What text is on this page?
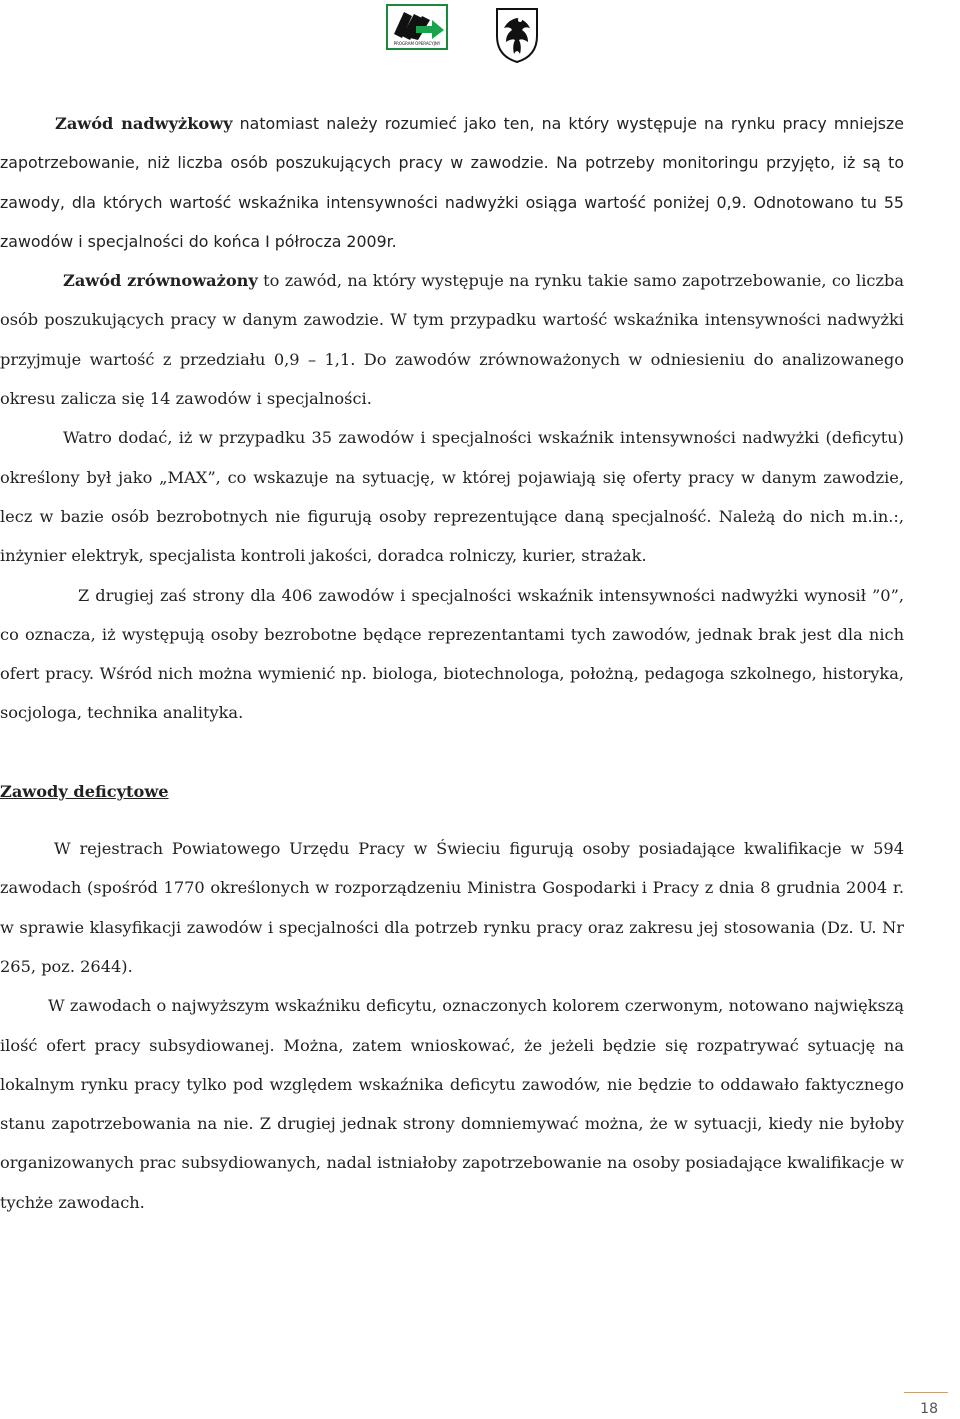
PROGRAM OPERACYJNY

Zawód nadwyżkowy natomiast należy rozumieć jako ten, na który występuje na rynku pracy mniejsze zapotrzebowanie, niż liczba osób poszukujących pracy w zawodzie. Na potrzeby monitoringu przyjęto, iż są to zawody, dla których wartość wskaźnika intensywności nadwyżki osiąga wartość poniżej 0,9. Odnotowano tu 55 zawodów i specjalności do końca I półrocza 2009r.

Zawód zrównoważony to zawód, na który występuje na rynku takie samo zapotrzebowanie, co liczba osób poszukujących pracy w danym zawodzie. W tym przypadku wartość wskaźnika intensywności nadwyżki przyjmuje wartość z przedziału 0,9 – 1,1. Do zawodów zrównoważonych w odniesieniu do analizowanego okresu zalicza się 14 zawodów i specjalności.

Watro dodać, iż w przypadku 35 zawodów i specjalności wskaźnik intensywności nadwyżki (deficytu) określony był jako „MAX”, co wskazuje na sytuację, w której pojawiają się oferty pracy w danym zawodzie, lecz w bazie osób bezrobotnych nie figurują osoby reprezentujące daną specjalność. Należą do nich m.in.:, inżynier elektryk, specjalista kontroli jakości, doradca rolniczy, kurier, strażak.

Z drugiej zaś strony dla 406 zawodów i specjalności wskaźnik intensywności nadwyżki wynosił ”0”, co oznacza, iż występują osoby bezrobotne będące reprezentantami tych zawodów, jednak brak jest dla nich ofert pracy. Wśród nich można wymienić np. biologa, biotechnologa, położną, pedagoga szkolnego, historyka, socjologa, technika analityka.

Zawody deficytowe

W rejestrach Powiatowego Urzędu Pracy w Świeciu figurują osoby posiadające kwalifikacje w 594 zawodach (spośród 1770 określonych w rozporządzeniu Ministra Gospodarki i Pracy z dnia 8 grudnia 2004 r. w sprawie klasyfikacji zawodów i specjalności dla potrzeb rynku pracy oraz zakresu jej stosowania (Dz. U. Nr 265, poz. 2644).

W zawodach o najwyższym wskaźniku deficytu, oznaczonych kolorem czerwonym, notowano największą ilość ofert pracy subsydiowanej. Można, zatem wnioskować, że jeżeli będzie się rozpatrywać sytuację na lokalnym rynku pracy tylko pod względem wskaźnika deficytu zawodów, nie będzie to oddawało faktycznego stanu zapotrzebowania na nie. Z drugiej jednak strony domniemywać można, że w sytuacji, kiedy nie byłoby organizowanych prac subsydiowanych, nadal istniałoby zapotrzebowanie na osoby posiadające kwalifikacje w tychże zawodach.

18
